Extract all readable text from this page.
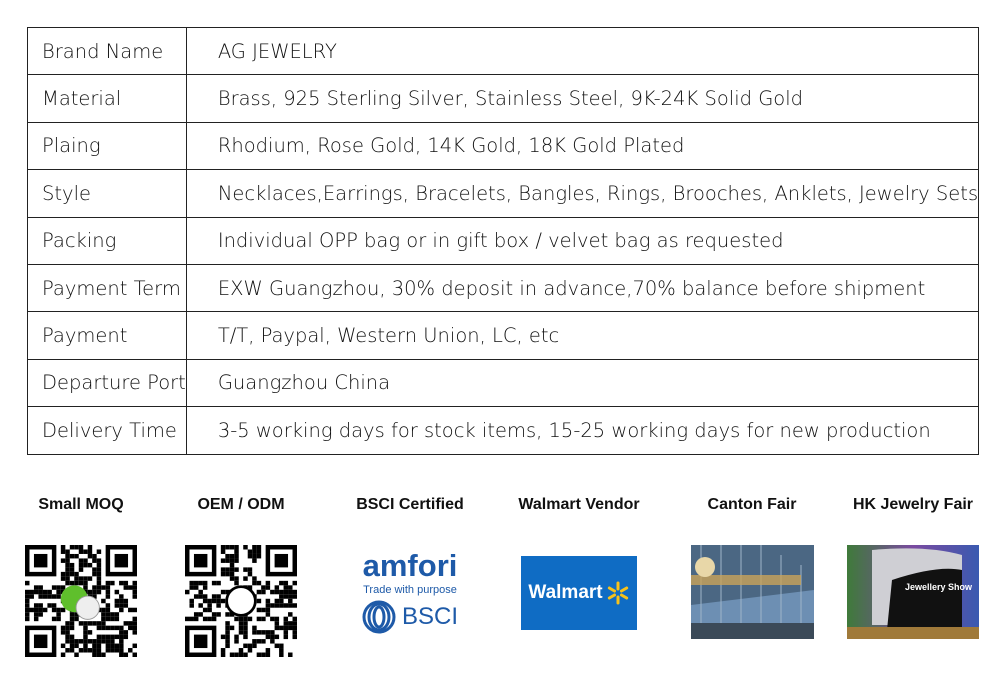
Brand Name	AG JEWELRY
Material	Brass, 925 Sterling Silver, Stainless Steel, 9K-24K Solid Gold
Plaing	Rhodium, Rose Gold, 14K Gold, 18K Gold Plated
Style	Necklaces,Earrings, Bracelets, Bangles, Rings, Brooches, Anklets, Jewelry Sets
Packing	Individual OPP bag or in gift box / velvet bag as requested
Payment Term	EXW Guangzhou, 30% deposit in advance,70% balance before shipment
Payment	T/T, Paypal, Western Union, LC, etc
Departure Port	Guangzhou China
Delivery Time	3-5 working days for stock items, 15-25 working days for new production
Small MOQ	OEM / ODM	BSCI Certified
amfori
Trade with purpose
BSCI
Walmart Vendor
Walmart
Canton Fair	HK Jewelry Fair
Jewellery Show
